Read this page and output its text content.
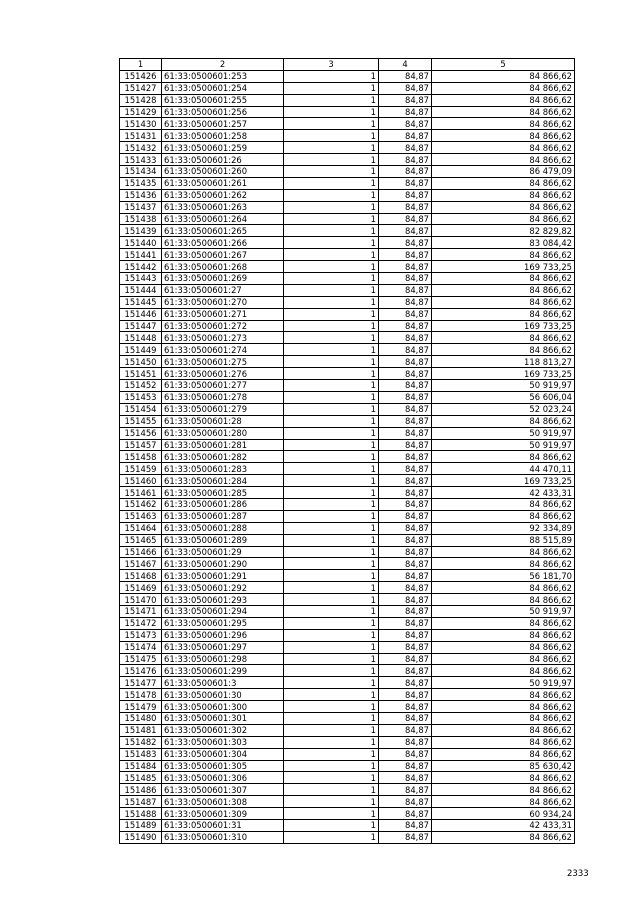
1	2	3	4	5
151426	61:33:0500601:253	1	84,87	84 866,62
151427	61:33:0500601:254	1	84,87	84 866,62
151428	61:33:0500601:255	1	84,87	84 866,62
151429	61:33:0500601:256	1	84,87	84 866,62
151430	61:33:0500601:257	1	84,87	84 866,62
151431	61:33:0500601:258	1	84,87	84 866,62
151432	61:33:0500601:259	1	84,87	84 866,62
151433	61:33:0500601:26	1	84,87	84 866,62
151434	61:33:0500601:260	1	84,87	86 479,09
151435	61:33:0500601:261	1	84,87	84 866,62
151436	61:33:0500601:262	1	84,87	84 866,62
151437	61:33:0500601:263	1	84,87	84 866,62
151438	61:33:0500601:264	1	84,87	84 866,62
151439	61:33:0500601:265	1	84,87	82 829,82
151440	61:33:0500601:266	1	84,87	83 084,42
151441	61:33:0500601:267	1	84,87	84 866,62
151442	61:33:0500601:268	1	84,87	169 733,25
151443	61:33:0500601:269	1	84,87	84 866,62
151444	61:33:0500601:27	1	84,87	84 866,62
151445	61:33:0500601:270	1	84,87	84 866,62
151446	61:33:0500601:271	1	84,87	84 866,62
151447	61:33:0500601:272	1	84,87	169 733,25
151448	61:33:0500601:273	1	84,87	84 866,62
151449	61:33:0500601:274	1	84,87	84 866,62
151450	61:33:0500601:275	1	84,87	118 813,27
151451	61:33:0500601:276	1	84,87	169 733,25
151452	61:33:0500601:277	1	84,87	50 919,97
151453	61:33:0500601:278	1	84,87	56 606,04
151454	61:33:0500601:279	1	84,87	52 023,24
151455	61:33:0500601:28	1	84,87	84 866,62
151456	61:33:0500601:280	1	84,87	50 919,97
151457	61:33:0500601:281	1	84,87	50 919,97
151458	61:33:0500601:282	1	84,87	84 866,62
151459	61:33:0500601:283	1	84,87	44 470,11
151460	61:33:0500601:284	1	84,87	169 733,25
151461	61:33:0500601:285	1	84,87	42 433,31
151462	61:33:0500601:286	1	84,87	84 866,62
151463	61:33:0500601:287	1	84,87	84 866,62
151464	61:33:0500601:288	1	84,87	92 334,89
151465	61:33:0500601:289	1	84,87	88 515,89
151466	61:33:0500601:29	1	84,87	84 866,62
151467	61:33:0500601:290	1	84,87	84 866,62
151468	61:33:0500601:291	1	84,87	56 181,70
151469	61:33:0500601:292	1	84,87	84 866,62
151470	61:33:0500601:293	1	84,87	84 866,62
151471	61:33:0500601:294	1	84,87	50 919,97
151472	61:33:0500601:295	1	84,87	84 866,62
151473	61:33:0500601:296	1	84,87	84 866,62
151474	61:33:0500601:297	1	84,87	84 866,62
151475	61:33:0500601:298	1	84,87	84 866,62
151476	61:33:0500601:299	1	84,87	84 866,62
151477	61:33:0500601:3	1	84,87	50 919,97
151478	61:33:0500601:30	1	84,87	84 866,62
151479	61:33:0500601:300	1	84,87	84 866,62
151480	61:33:0500601:301	1	84,87	84 866,62
151481	61:33:0500601:302	1	84,87	84 866,62
151482	61:33:0500601:303	1	84,87	84 866,62
151483	61:33:0500601:304	1	84,87	84 866,62
151484	61:33:0500601:305	1	84,87	85 630,42
151485	61:33:0500601:306	1	84,87	84 866,62
151486	61:33:0500601:307	1	84,87	84 866,62
151487	61:33:0500601:308	1	84,87	84 866,62
151488	61:33:0500601:309	1	84,87	60 934,24
151489	61:33:0500601:31	1	84,87	42 433,31
151490	61:33:0500601:310	1	84,87	84 866,62
2333
